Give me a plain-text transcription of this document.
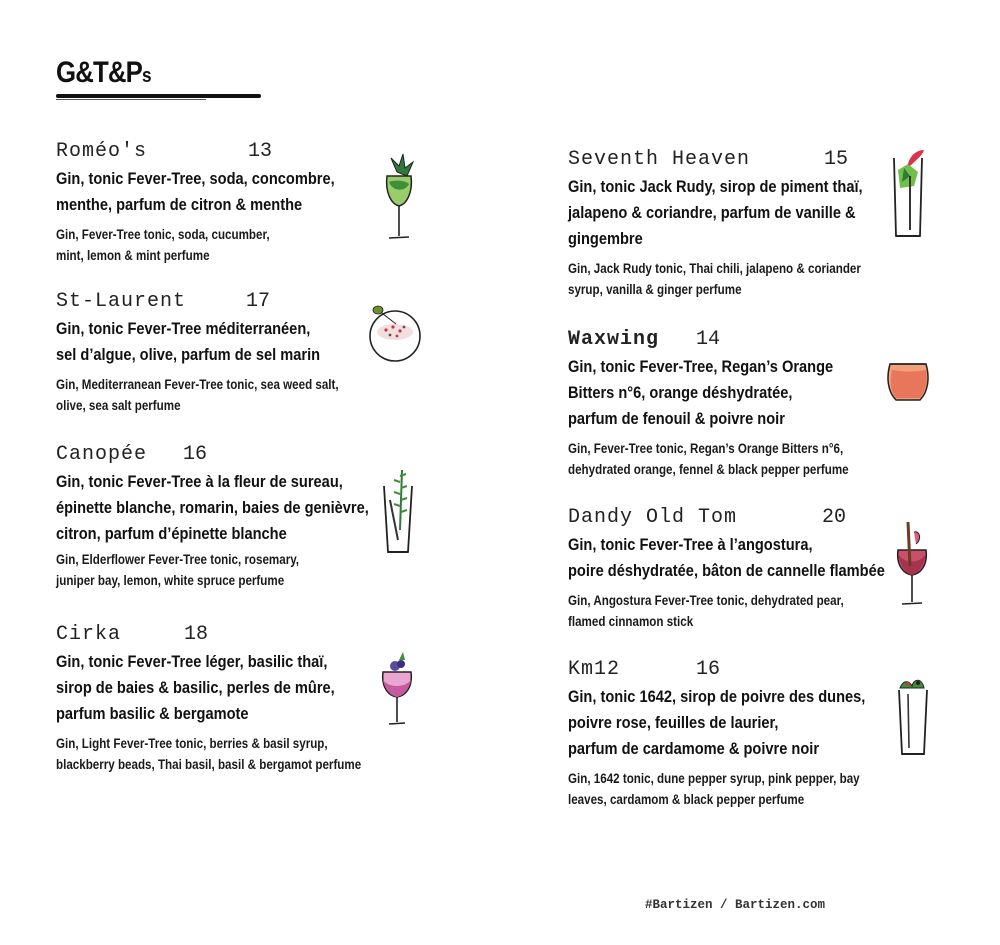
G&T&Ps
Roméo's	13
Gin, tonic Fever-Tree, soda, concombre,
menthe, parfum de citron & menthe
Gin, Fever-Tree tonic, soda, cucumber,
mint, lemon & mint perfume
St-Laurent	17
Gin, tonic Fever-Tree méditerranéen,
sel d’algue, olive, parfum de sel marin
Gin, Mediterranean Fever-Tree tonic, sea weed salt,
olive, sea salt perfume
Canopée 16
Gin, tonic Fever-Tree à la fleur de sureau,
épinette blanche, romarin, baies de genièvre,
citron, parfum d’épinette blanche
Gin, Elderflower Fever-Tree tonic, rosemary,
juniper bay, lemon, white spruce perfume
Cirka	18
Gin, tonic Fever-Tree léger, basilic thaï,
sirop de baies & basilic, perles de mûre,
parfum basilic & bergamote
Gin, Light Fever-Tree tonic, berries & basil syrup,
blackberry beads, Thai basil, basil & bergamot perfume
Seventh Heaven	15
Gin, tonic Jack Rudy, sirop de piment thaï,
jalapeno & coriandre, parfum de vanille &
gingembre
Gin, Jack Rudy tonic, Thai chili, jalapeno & coriander
syrup, vanilla & ginger perfume
Waxwing 14
Gin, tonic Fever-Tree, Regan’s Orange
Bitters n°6, orange déshydratée,
parfum de fenouil & poivre noir
Gin, Fever-Tree tonic, Regan’s Orange Bitters n°6,
dehydrated orange, fennel & black pepper perfume
Dandy Old Tom	20
Gin, tonic Fever-Tree à l’angostura,
poire déshydratée, bâton de cannelle flambée
Gin, Angostura Fever-Tree tonic, dehydrated pear,
flamed cinnamon stick
Km12	16
Gin, tonic 1642, sirop de poivre des dunes,
poivre rose, feuilles de laurier,
parfum de cardamome & poivre noir
Gin, 1642 tonic, dune pepper syrup, pink pepper, bay
leaves, cardamom & black pepper perfume
#Bartizen / Bartizen.com
